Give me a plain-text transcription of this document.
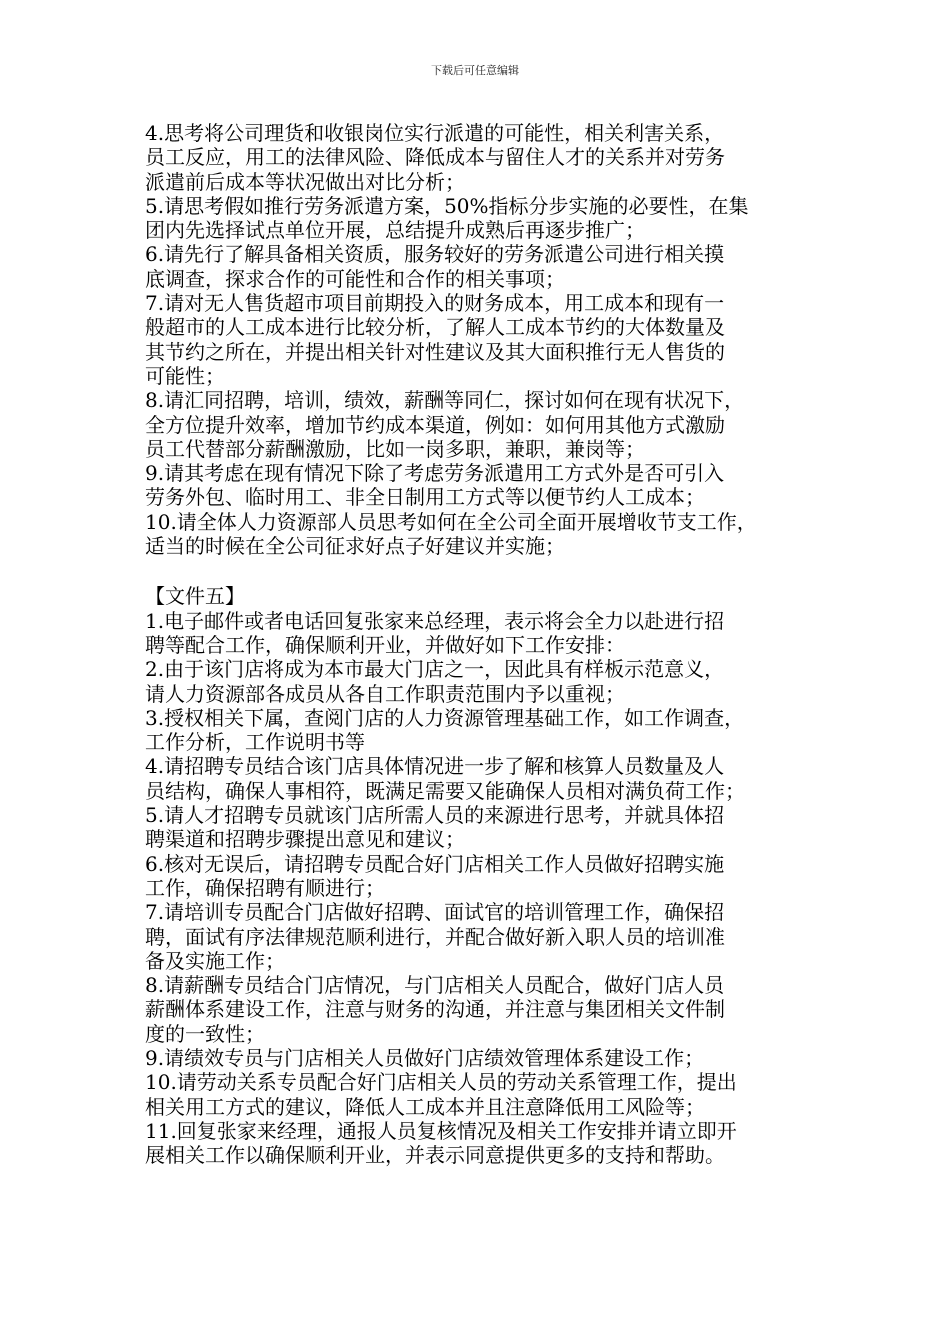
下载后可任意编辑
4.思考将公司理货和收银岗位实行派遣的可能性，相关利害关系，
员工反应，用工的法律风险、降低成本与留住人才的关系并对劳务
派遣前后成本等状况做出对比分析；
5.请思考假如推行劳务派遣方案，50%指标分步实施的必要性，在集
团内先选择试点单位开展，总结提升成熟后再逐步推广；
6.请先行了解具备相关资质，服务较好的劳务派遣公司进行相关摸
底调查，探求合作的可能性和合作的相关事项；
7.请对无人售货超市项目前期投入的财务成本，用工成本和现有一
般超市的人工成本进行比较分析，了解人工成本节约的大体数量及
其节约之所在，并提出相关针对性建议及其大面积推行无人售货的
可能性；
8.请汇同招聘，培训，绩效，薪酬等同仁，探讨如何在现有状况下，
全方位提升效率，增加节约成本渠道，例如：如何用其他方式激励
员工代替部分薪酬激励，比如一岗多职，兼职，兼岗等；
9.请其考虑在现有情况下除了考虑劳务派遣用工方式外是否可引入
劳务外包、临时用工、非全日制用工方式等以便节约人工成本；
10.请全体人力资源部人员思考如何在全公司全面开展增收节支工作，
适当的时候在全公司征求好点子好建议并实施；
【文件五】
1.电子邮件或者电话回复张家来总经理，表示将会全力以赴进行招
聘等配合工作，确保顺利开业，并做好如下工作安排：
2.由于该门店将成为本市最大门店之一，因此具有样板示范意义，
请人力资源部各成员从各自工作职责范围内予以重视；
3.授权相关下属，查阅门店的人力资源管理基础工作，如工作调查，
工作分析，工作说明书等
4.请招聘专员结合该门店具体情况进一步了解和核算人员数量及人
员结构，确保人事相符，既满足需要又能确保人员相对满负荷工作；
5.请人才招聘专员就该门店所需人员的来源进行思考，并就具体招
聘渠道和招聘步骤提出意见和建议；
6.核对无误后，请招聘专员配合好门店相关工作人员做好招聘实施
工作，确保招聘有顺进行；
7.请培训专员配合门店做好招聘、面试官的培训管理工作，确保招
聘，面试有序法律规范顺利进行，并配合做好新入职人员的培训准
备及实施工作；
8.请薪酬专员结合门店情况，与门店相关人员配合，做好门店人员
薪酬体系建设工作，注意与财务的沟通，并注意与集团相关文件制
度的一致性；
9.请绩效专员与门店相关人员做好门店绩效管理体系建设工作；
10.请劳动关系专员配合好门店相关人员的劳动关系管理工作，提出
相关用工方式的建议，降低人工成本并且注意降低用工风险等；
11.回复张家来经理，通报人员复核情况及相关工作安排并请立即开
展相关工作以确保顺利开业，并表示同意提供更多的支持和帮助。
